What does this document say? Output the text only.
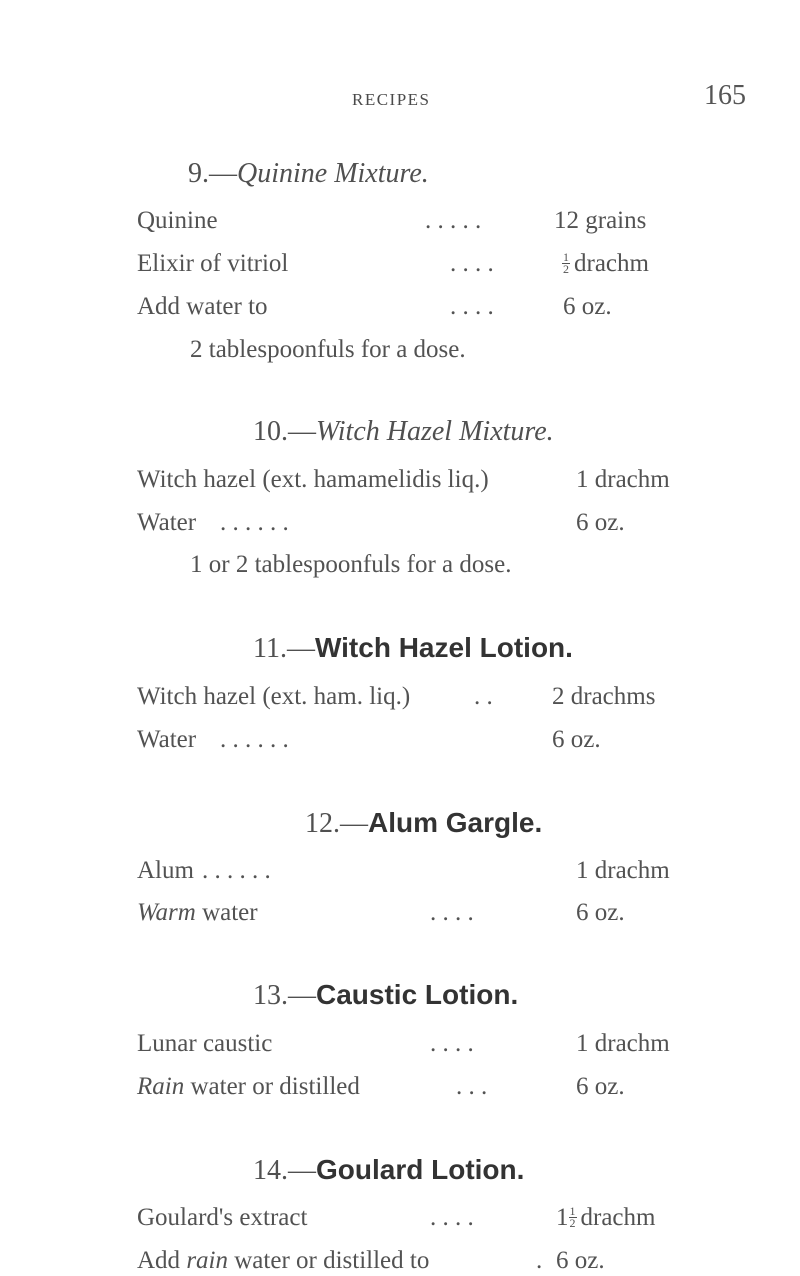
RECIPES	165
9.—Quinine Mixture.
Quinine	. . . . .	12 grains
Elixir of vitriol	. . . .	$\frac{1}{2}$ drachm
Add water to	. . . .	6 oz.
2 tablespoonfuls for a dose.
10.—Witch Hazel Mixture.
Witch hazel (ext. hamamelidis liq.)	1 drachm
Water . . . . . .	6 oz.
1 or 2 tablespoonfuls for a dose.
11.—Witch Hazel Lotion.
Witch hazel (ext. ham. liq.)	. . 2 drachms
Water . . . . . .	6 oz.
12.—Alum Gargle.
Alum . . . . . .	1 drachm
Warm water	. . . .	6 oz.
13.—Caustic Lotion.
Lunar caustic	. . . .	1 drachm
Rain water or distilled	. . .	6 oz.
14.—Goulard Lotion.
Goulard's extract	. . . .	$1 \frac{1}{2}$ drachm
Add rain water or distilled to	. 6 oz.
